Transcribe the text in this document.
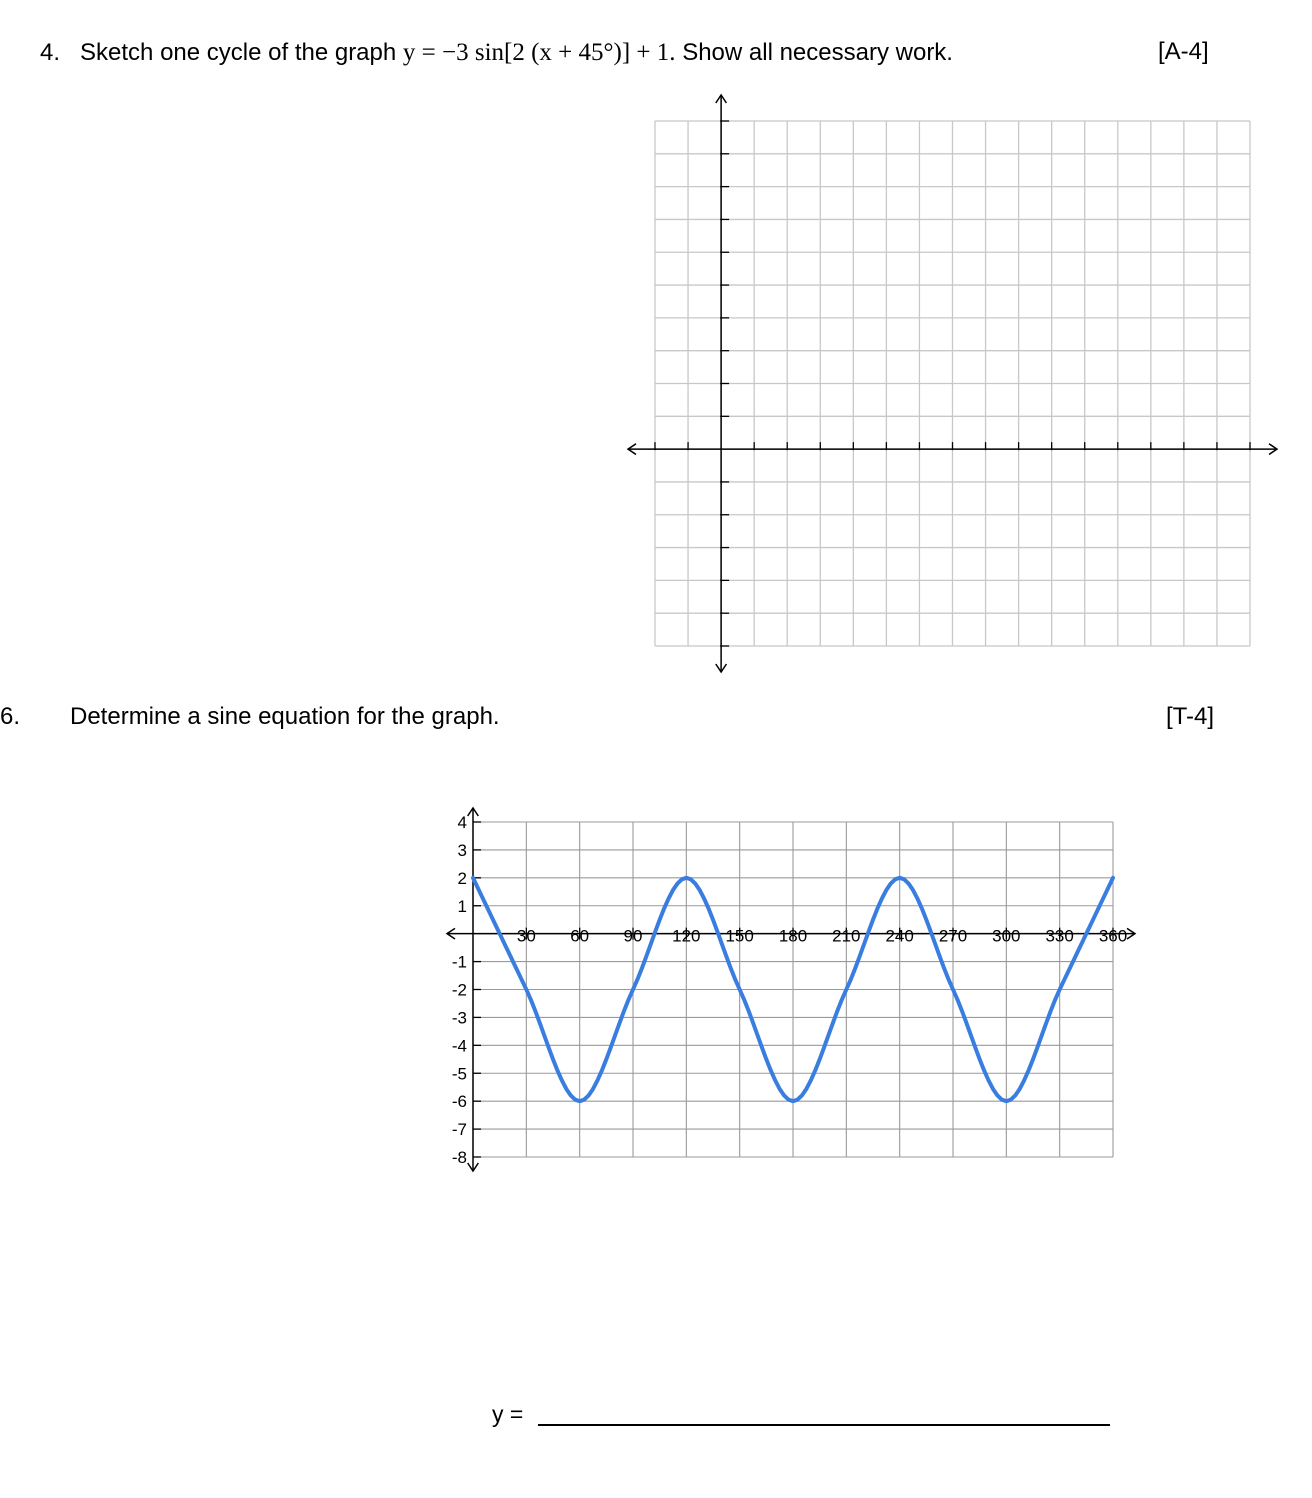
4. Sketch one cycle of the graph y = −3 sin[2 (x + 45°)] + 1. Show all necessary work.	[A-4]
6. Determine a sine equation for the graph.	[T-4]
4
3
2
1
-1
-2
-3
-4
-5
-6
-7
-8
30 60 90 120 150 180 210 240 270 300 330 360
y =
